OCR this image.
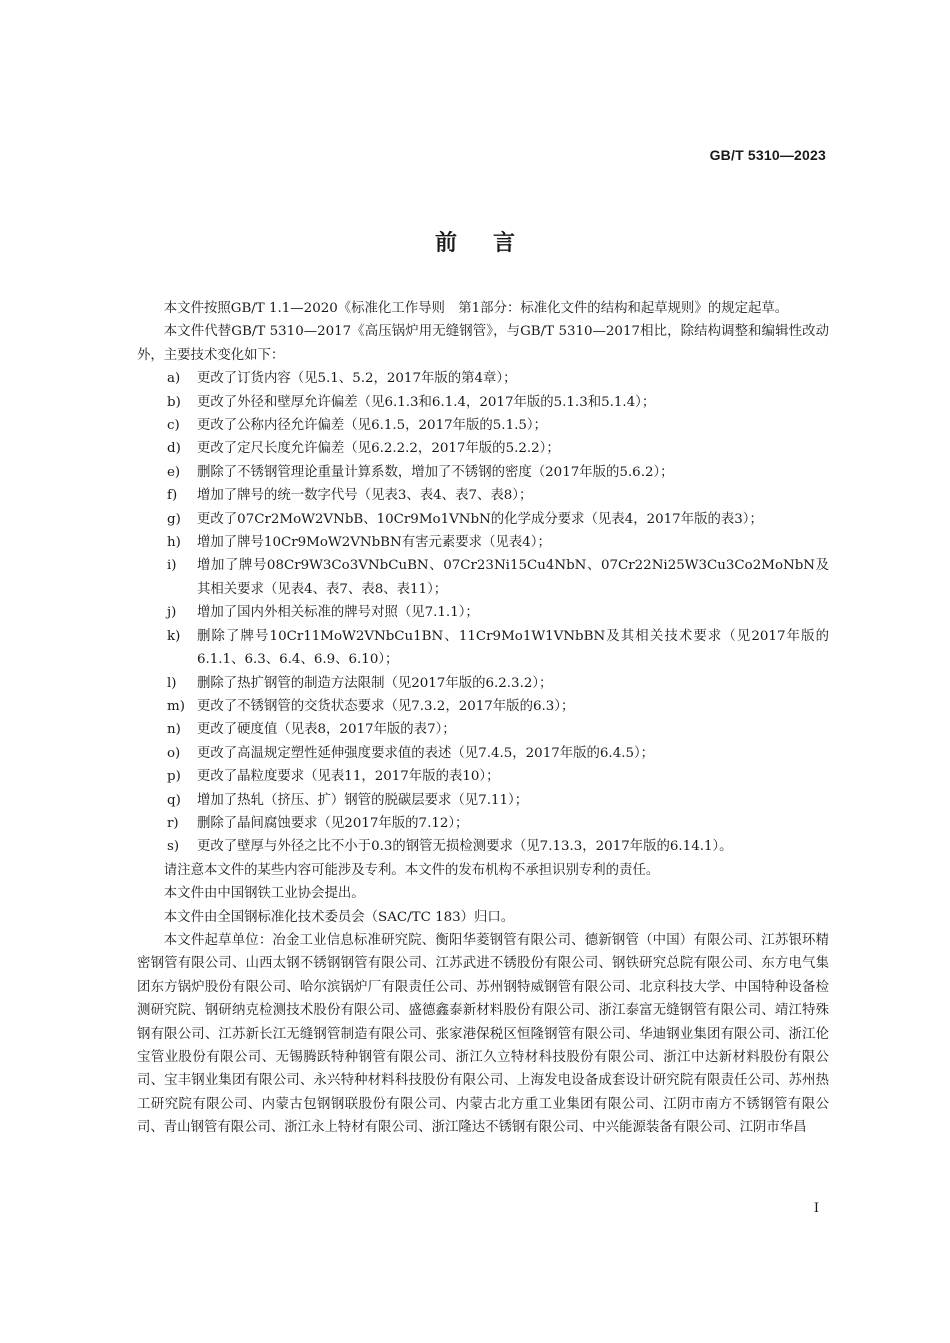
GB/T 5310—2023
前言

本文件按照GB/T 1.1—2020《标准化工作导则　第1部分：标准化文件的结构和起草规则》的规定起草。

本文件代替GB/T 5310—2017《高压锅炉用无缝钢管》，与GB/T 5310—2017相比，除结构调整和编辑性改动外，主要技术变化如下：

a)	更改了订货内容（见5.1、5.2，2017年版的第4章）；
b)	更改了外径和壁厚允许偏差（见6.1.3和6.1.4，2017年版的5.1.3和5.1.4）；
c)	更改了公称内径允许偏差（见6.1.5，2017年版的5.1.5）；
d)	更改了定尺长度允许偏差（见6.2.2.2，2017年版的5.2.2）；
e)	删除了不锈钢管理论重量计算系数，增加了不锈钢的密度（2017年版的5.6.2）；
f)	增加了牌号的统一数字代号（见表3、表4、表7、表8）；
g)	更改了07Cr2MoW2VNbB、10Cr9Mo1VNbN的化学成分要求（见表4，2017年版的表3）；
h)	增加了牌号10Cr9MoW2VNbBN有害元素要求（见表4）；
i)	增加了牌号08Cr9W3Co3VNbCuBN、07Cr23Ni15Cu4NbN、07Cr22Ni25W3Cu3Co2MoNbN及其相关要求（见表4、表7、表8、表11）；
j)	增加了国内外相关标准的牌号对照（见7.1.1）；
k)	删除了牌号10Cr11MoW2VNbCu1BN、11Cr9Mo1W1VNbBN及其相关技术要求（见2017年版的6.1.1、6.3、6.4、6.9、6.10）；
l)	删除了热扩钢管的制造方法限制（见2017年版的6.2.3.2）；
m) 更改了不锈钢管的交货状态要求（见7.3.2，2017年版的6.3）；
n)	更改了硬度值（见表8，2017年版的表7）；
o)	更改了高温规定塑性延伸强度要求值的表述（见7.4.5，2017年版的6.4.5）；
p)	更改了晶粒度要求（见表11，2017年版的表10）；
q)	增加了热轧（挤压、扩）钢管的脱碳层要求（见7.11）；
r)	删除了晶间腐蚀要求（见2017年版的7.12）；
s)	更改了壁厚与外径之比不小于0.3的钢管无损检测要求（见7.13.3，2017年版的6.14.1）。

请注意本文件的某些内容可能涉及专利。本文件的发布机构不承担识别专利的责任。

本文件由中国钢铁工业协会提出。

本文件由全国钢标准化技术委员会（SAC/TC 183）归口。

本文件起草单位：冶金工业信息标准研究院、衡阳华菱钢管有限公司、德新钢管（中国）有限公司、江苏银环精密钢管有限公司、山西太钢不锈钢钢管有限公司、江苏武进不锈股份有限公司、钢铁研究总院有限公司、东方电气集团东方锅炉股份有限公司、哈尔滨锅炉厂有限责任公司、苏州钢特威钢管有限公司、北京科技大学、中国特种设备检测研究院、钢研纳克检测技术股份有限公司、盛德鑫泰新材料股份有限公司、浙江泰富无缝钢管有限公司、靖江特殊钢有限公司、江苏新长江无缝钢管制造有限公司、张家港保税区恒隆钢管有限公司、华迪钢业集团有限公司、浙江伦宝管业股份有限公司、无锡腾跃特种钢管有限公司、浙江久立特材科技股份有限公司、浙江中达新材料股份有限公司、宝丰钢业集团有限公司、永兴特种材料科技股份有限公司、上海发电设备成套设计研究院有限责任公司、苏州热工研究院有限公司、内蒙古包钢钢联股份有限公司、内蒙古北方重工业集团有限公司、江阴市南方不锈钢管有限公司、青山钢管有限公司、浙江永上特材有限公司、浙江隆达不锈钢有限公司、中兴能源装备有限公司、江阴市华昌

I
